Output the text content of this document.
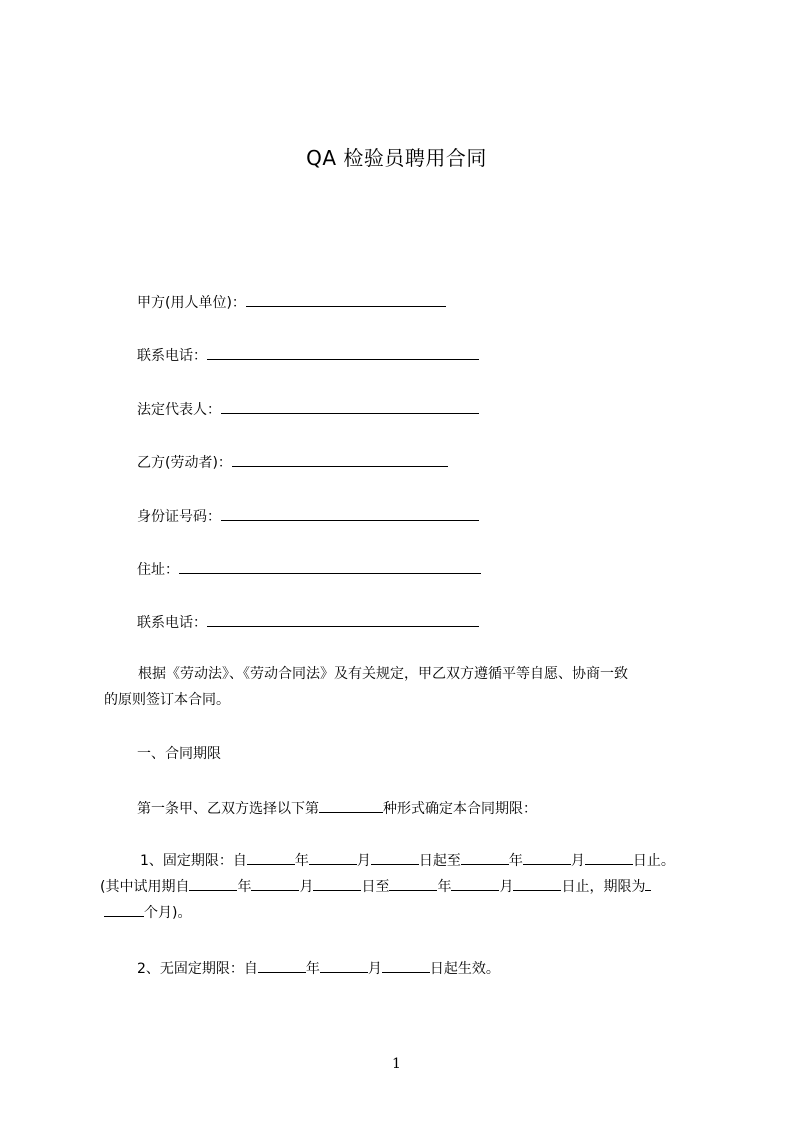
QA 检验员聘用合同
甲方(用人单位)：
联系电话：
法定代表人：
乙方(劳动者)：
身份证号码：
住址：
联系电话：
根据《劳动法》、《劳动合同法》及有关规定，甲乙双方遵循平等自愿、协商一致
的原则签订本合同。
一、合同期限
第一条甲、乙双方选择以下第	种形式确定本合同期限：
1、固定期限：自	年	月	日起至	年	月	日止。
(其中试用期自	年	月	日至	年	月	日止，期限为
个月)。
2、无固定期限：自	年	月	日起生效。
1
